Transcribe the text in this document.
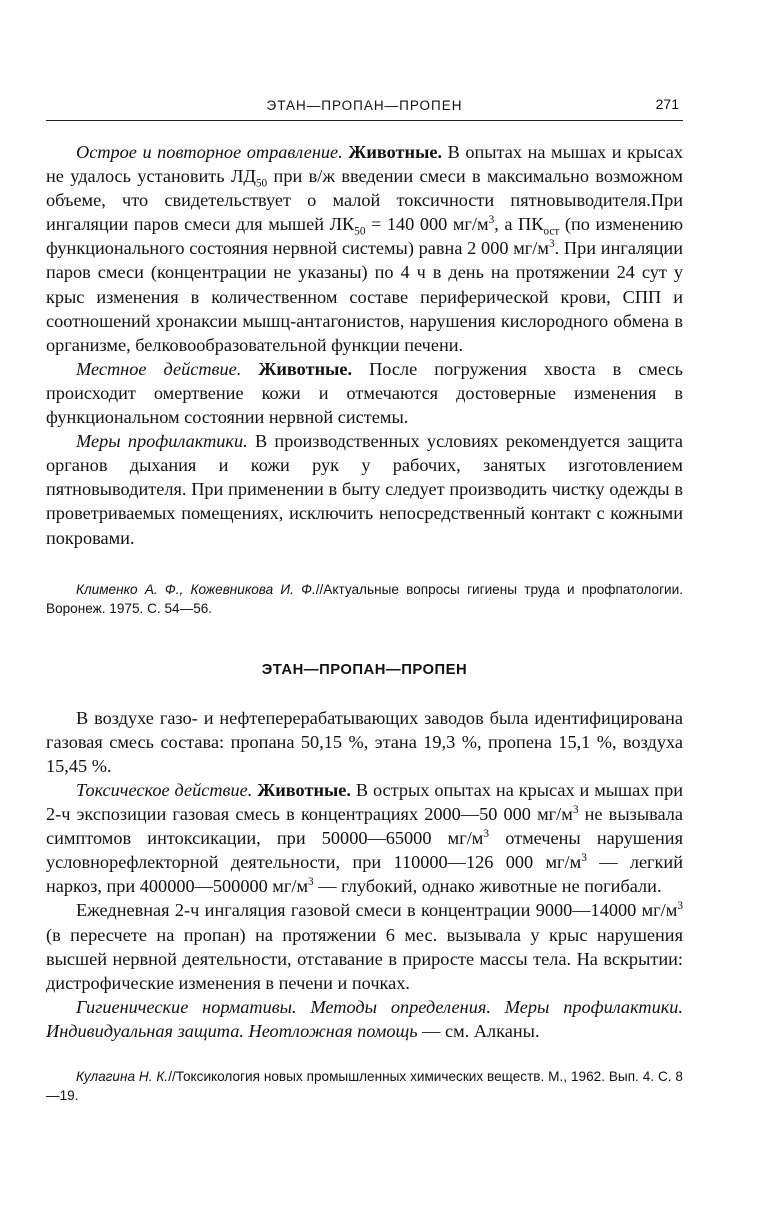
ЭТАН—ПРОПАН—ПРОПЕН	271

Острое и повторное отравление. Животные. В опытах на мышах и крысах не удалось установить $ЛД_{50}$ при в/ж введении смеси в максимально возможном объеме, что свидетельствует о малой токсичности пятновыводителя.При ингаляции паров смеси для мышей $ЛК_{50} = 140$ 000 $мг/м^3$, а $ПК_{ост}$ (по изменению функционального состояния нервной системы) равна 2 000 $мг/м^3$. При ингаляции паров смеси (концентрации не указаны) по 4 ч в день на протяжении 24 сут у крыс изменения в количественном составе периферической крови, СПП и соотношений хронаксии мышц-антагонистов, нарушения кислородного обмена в организме, белковообразовательной функции печени.

Местное действие. Животные. После погружения хвоста в смесь происходит омертвение кожи и отмечаются достоверные изменения в функциональном состоянии нервной системы.

Меры профилактики. В производственных условиях рекомендуется защита органов дыхания и кожи рук у рабочих, занятых изготовлением пятновыводителя. При применении в быту следует производить чистку одежды в проветриваемых помещениях, исключить непосредственный контакт с кожными покровами.

Клименко А. Ф., Кожевникова И. Ф.//Актуальные вопросы гигиены труда и профпатологии. Воронеж. 1975. С. 54—56.

ЭТАН—ПРОПАН—ПРОПЕН

В воздухе газо- и нефтеперерабатывающих заводов была идентифицирована газовая смесь состава: пропана 50,15 %, этана 19,3 %, пропена 15,1 %, воздуха 15,45 %.

Токсическое действие. Животные. В острых опытах на крысах и мышах при 2-ч экспозиции газовая смесь в концентрациях 2000—50 000 $мг/м^3$ не вызывала симптомов интоксикации, при 50000—65000 $мг/м^3$ отмечены нарушения условнорефлекторной деятельности, при 110000—126 000 $мг/м^3$ — легкий наркоз, при 400000—500000 $мг/м^3$ — глубокий, однако животные не погибали.

Ежедневная 2-ч ингаляция газовой смеси в концентрации 9000—14000 $мг/м^3$ (в пересчете на пропан) на протяжении 6 мес. вызывала у крыс нарушения высшей нервной деятельности, отставание в приросте массы тела. На вскрытии: дистрофические изменения в печени и почках.

Гигиенические нормативы. Методы определения. Меры профилактики. Индивидуальная защита. Неотложная помощь — см. Алканы.

Кулагина Н. К.//Токсикология новых промышленных химических веществ. М., 1962. Вып. 4. С. 8—19.
